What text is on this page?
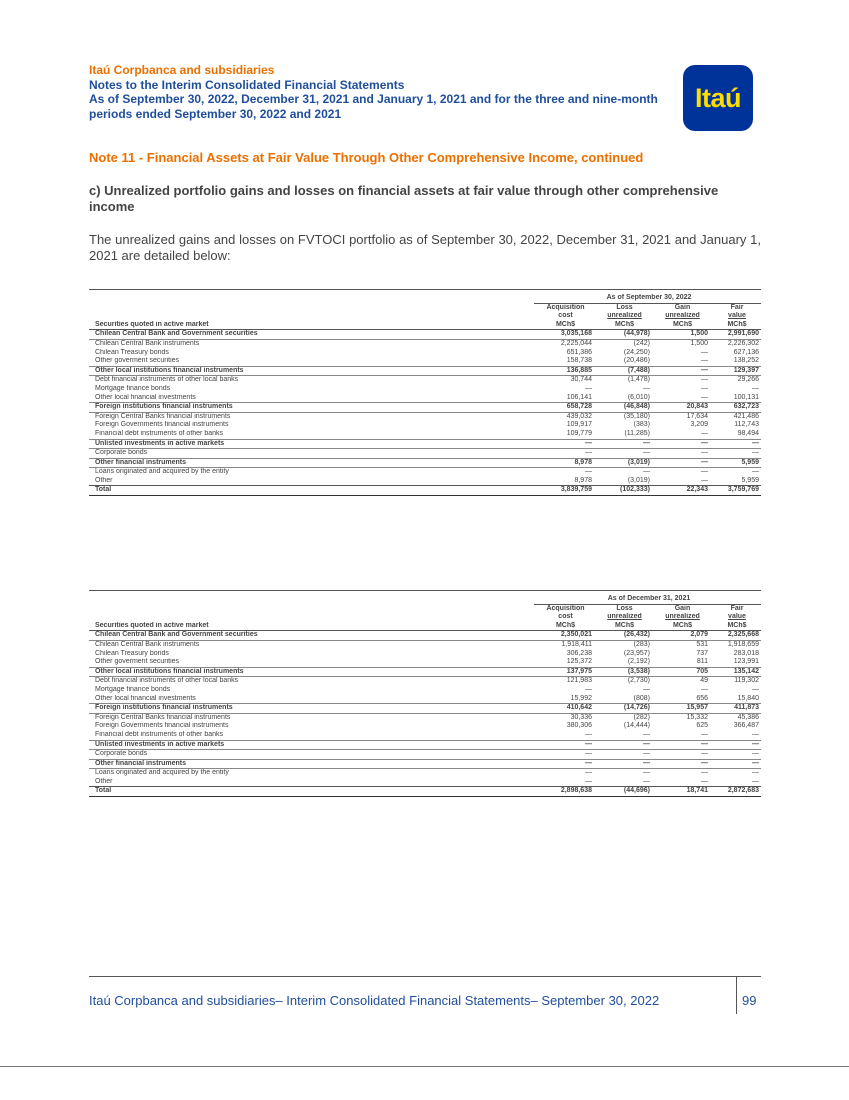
Itaú Corpbanca and subsidiaries
Notes to the Interim Consolidated Financial Statements
As of September 30, 2022, December 31, 2021 and January 1, 2021 and for the three and nine-month periods ended September 30, 2022 and 2021
Itaú
Note 11 - Financial Assets at Fair Value Through Other Comprehensive Income, continued
c) Unrealized portfolio gains and losses on financial assets at fair value through other comprehensive income
The unrealized gains and losses on FVTOCI portfolio as of September 30, 2022, December 31, 2021 and January 1, 2021 are detailed below:

	As of September 30, 2022			
	Acquisition	Loss	Gain	Fair
	cost	unrealized	unrealized	value
Securities quoted in active market	MCh$	MCh$	MCh$	MCh$
Chilean Central Bank and Government securities	3,035,168	(44,978)	1,500	2,991,690
Chilean Central Bank instruments	2,225,044	(242)	1,500	2,226,302
Chilean Treasury bonds	651,386	(24,250)	—	627,136
Other goverment securities	158,738	(20,486)	—	138,252
Other local institutions financial instruments	136,885	(7,488)	—	129,397
Debt financial instruments of other local banks	30,744	(1,478)	—	29,266
Mortgage finance bonds	—	—	—	—
Other local financial investments	106,141	(6,010)	—	100,131
Foreign institutions financial instruments	658,728	(46,848)	20,843	632,723
Foreign Central Banks financial instruments	439,032	(35,180)	17,634	421,486
Foreign Governments financial instruments	109,917	(383)	3,209	112,743
Financial debt instruments of other banks	109,779	(11,285)	—	98,494
Unlisted investments in active markets	—	—	—	—
Corporate bonds	—	—	—	—
Other financial instruments	8,978	(3,019)	—	5,959
Loans originated and acquired by the entity	—	—	—	—
Other	8,978	(3,019)	—	5,959
Total	3,839,759	(102,333)	22,343	3,759,769

	As of December 31, 2021			
	Acquisition	Loss	Gain	Fair
	cost	unrealized	unrealized	value
Securities quoted in active market	MCh$	MCh$	MCh$	MCh$
Chilean Central Bank and Government securities	2,350,021	(26,432)	2,079	2,325,668
Chilean Central Bank instruments	1,918,411	(283)	531	1,918,659
Chilean Treasury bonds	306,238	(23,957)	737	283,018
Other goverment securities	125,372	(2,192)	811	123,991
Other local institutions financial instruments	137,975	(3,538)	705	135,142
Debt financial instruments of other local banks	121,983	(2,730)	49	119,302
Mortgage finance bonds	—	—	—	—
Other local financial investments	15,992	(808)	656	15,840
Foreign institutions financial instruments	410,642	(14,726)	15,957	411,873
Foreign Central Banks financial instruments	30,336	(282)	15,332	45,386
Foreign Governments financial instruments	380,306	(14,444)	625	366,487
Financial debt instruments of other banks	—	—	—	—
Unlisted investments in active markets	—	—	—	—
Corporate bonds	—	—	—	—
Other financial instruments	—	—	—	—
Loans originated and acquired by the entity	—	—	—	—
Other	—	—	—	—
Total	2,898,638	(44,696)	18,741	2,872,683
Itaú Corpbanca and subsidiaries– Interim Consolidated Financial Statements– September 30, 2022	99
